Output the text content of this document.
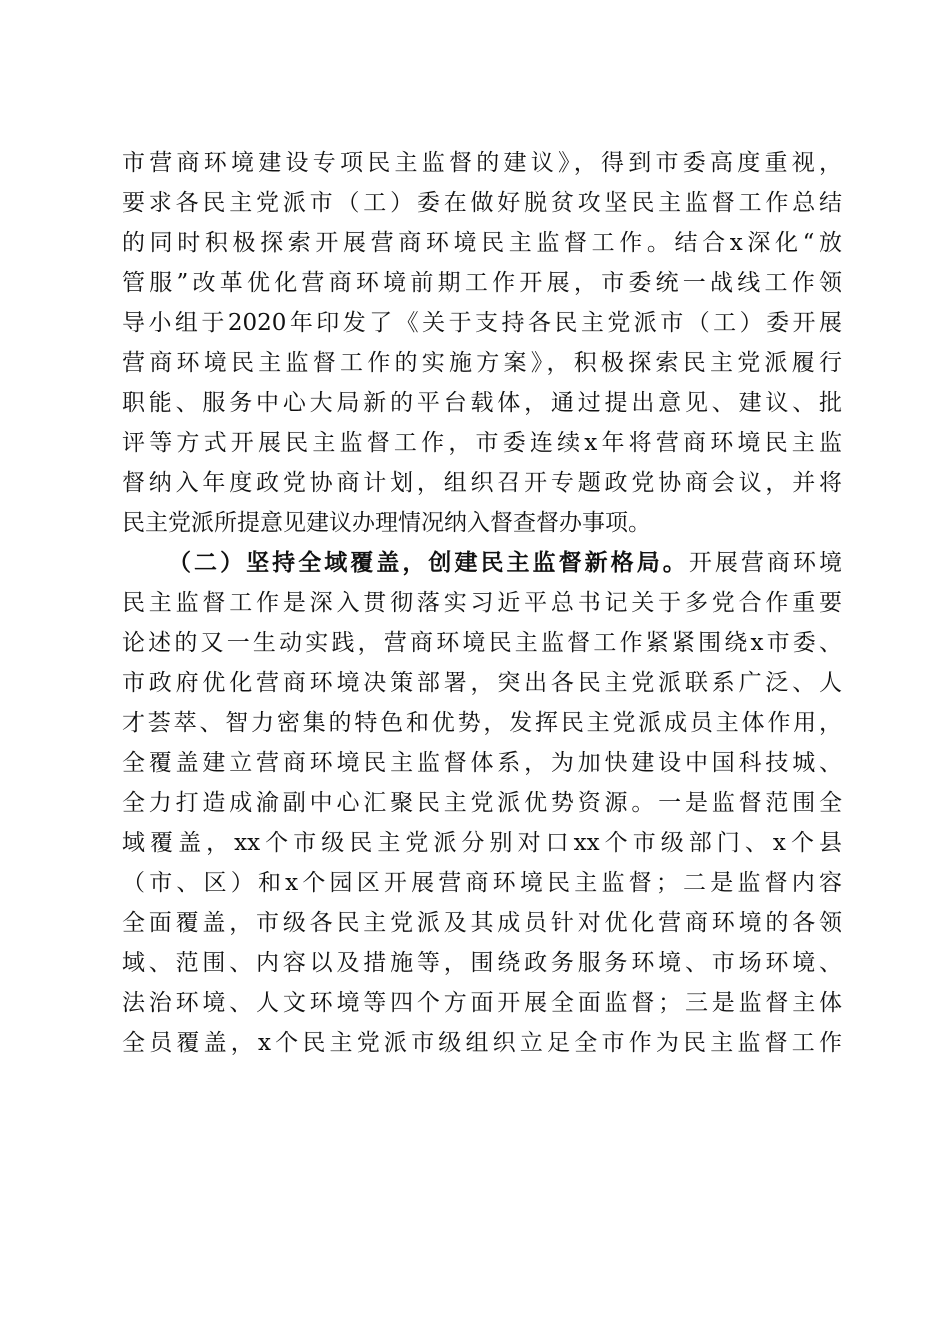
市营商环境建设专项民主监督的建议》，得到市委高度重视，
要求各民主党派市（工）委在做好脱贫攻坚民主监督工作总结
的同时积极探索开展营商环境民主监督工作。结合x深化“放
管服”改革优化营商环境前期工作开展，市委统一战线工作领
导小组于2020年印发了《关于支持各民主党派市（工）委开展
营商环境民主监督工作的实施方案》，积极探索民主党派履行
职能、服务中心大局新的平台载体，通过提出意见、建议、批
评等方式开展民主监督工作，市委连续x年将营商环境民主监
督纳入年度政党协商计划，组织召开专题政党协商会议，并将
民主党派所提意见建议办理情况纳入督查督办事项。
（二）坚持全域覆盖，创建民主监督新格局。开展营商环境
民主监督工作是深入贯彻落实习近平总书记关于多党合作重要
论述的又一生动实践，营商环境民主监督工作紧紧围绕x市委、
市政府优化营商环境决策部署，突出各民主党派联系广泛、人
才荟萃、智力密集的特色和优势，发挥民主党派成员主体作用，
全覆盖建立营商环境民主监督体系，为加快建设中国科技城、
全力打造成渝副中心汇聚民主党派优势资源。一是监督范围全
域覆盖，xx个市级民主党派分别对口xx个市级部门、x个县
（市、区）和x个园区开展营商环境民主监督；二是监督内容
全面覆盖，市级各民主党派及其成员针对优化营商环境的各领
域、范围、内容以及措施等，围绕政务服务环境、市场环境、
法治环境、人文环境等四个方面开展全面监督；三是监督主体
全员覆盖，x个民主党派市级组织立足全市作为民主监督工作
